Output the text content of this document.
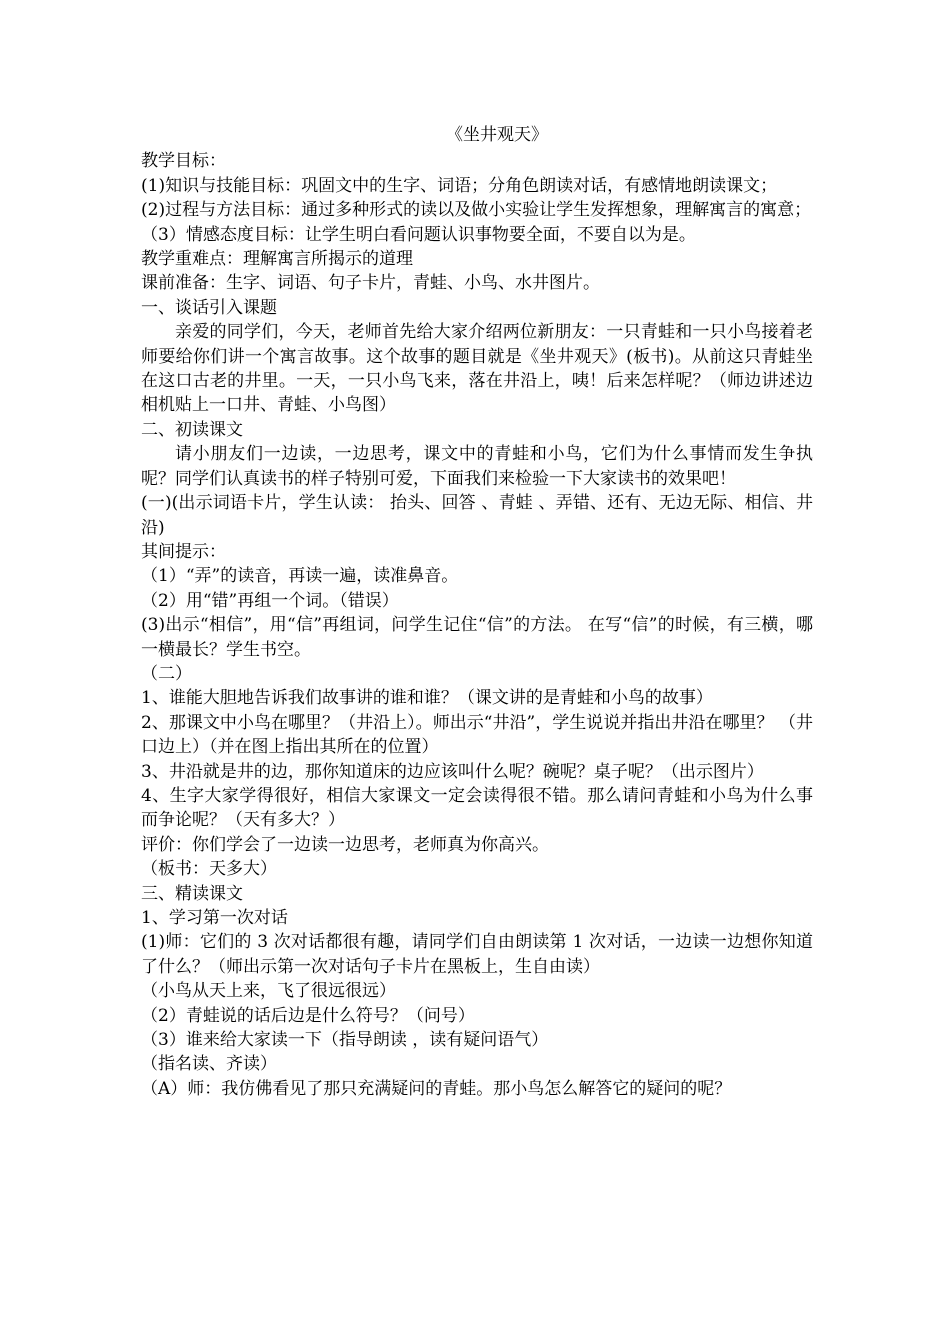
《坐井观天》

教学目标：

(1)知识与技能目标：巩固文中的生字、词语；分角色朗读对话，有感情地朗读课文；

(2)过程与方法目标：通过多种形式的读以及做小实验让学生发挥想象，理解寓言的寓意；

（3）情感态度目标：让学生明白看问题认识事物要全面，不要自以为是。

教学重难点：理解寓言所揭示的道理

课前准备：生字、词语、句子卡片，青蛙、小鸟、水井图片。

一、谈话引入课题

亲爱的同学们，今天，老师首先给大家介绍两位新朋友：一只青蛙和一只小鸟接着老师要给你们讲一个寓言故事。这个故事的题目就是《坐井观天》(板书)。从前这只青蛙坐在这口古老的井里。一天，一只小鸟飞来，落在井沿上，咦！后来怎样呢？（师边讲述边相机贴上一口井、青蛙、小鸟图）

二、初读课文

请小朋友们一边读，一边思考，课文中的青蛙和小鸟，它们为什么事情而发生争执呢？同学们认真读书的样子特别可爱，下面我们来检验一下大家读书的效果吧！

(一)(出示词语卡片，学生认读： 抬头、回答 、青蛙 、弄错、还有、无边无际、相信、井沿)

其间提示：

（1）“弄”的读音，再读一遍，读准鼻音。

（2）用“错”再组一个词。（错误）

(3)出示“相信”，用“信”再组词，问学生记住“信”的方法。 在写“信”的时候，有三横，哪一横最长？学生书空。

（二）

1、谁能大胆地告诉我们故事讲的谁和谁？（课文讲的是青蛙和小鸟的故事）

2、那课文中小鸟在哪里？（井沿上）。师出示“井沿”，学生说说并指出井沿在哪里？ （井口边上）（并在图上指出其所在的位置）

3、井沿就是井的边，那你知道床的边应该叫什么呢？碗呢？桌子呢？（出示图片）

4、生字大家学得很好，相信大家课文一定会读得很不错。那么请问青蛙和小鸟为什么事而争论呢？（天有多大？）

评价：你们学会了一边读一边思考，老师真为你高兴。

（板书：天多大）

三、精读课文

1、学习第一次对话

(1)师：它们的 3 次对话都很有趣，请同学们自由朗读第 1 次对话，一边读一边想你知道了什么？（师出示第一次对话句子卡片在黑板上，生自由读）

（小鸟从天上来，飞了很远很远）

（2）青蛙说的话后边是什么符号？（问号）

（3）谁来给大家读一下（指导朗读 ，读有疑问语气）

（指名读、齐读）

（A）师：我仿佛看见了那只充满疑问的青蛙。那小鸟怎么解答它的疑问的呢？
